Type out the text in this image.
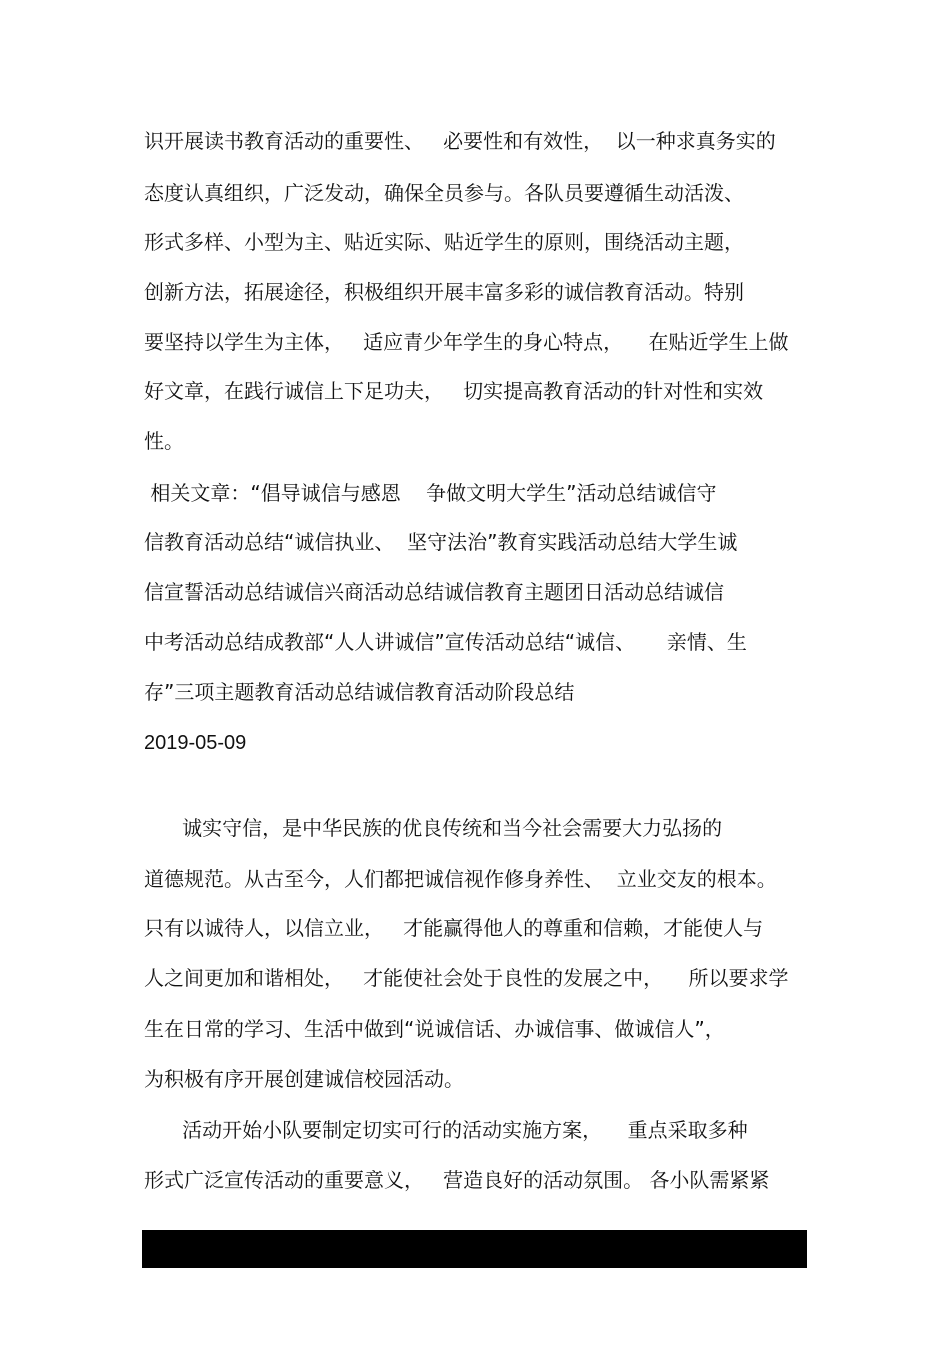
识开展读书教育活动的重要性、   必要性和有效性，  以一种求真务实的
态度认真组织，广泛发动，确保全员参与。各队员要遵循生动活泼、
形式多样、小型为主、贴近实际、贴近学生的原则，围绕活动主题，
创新方法，拓展途径，积极组织开展丰富多彩的诚信教育活动。特别
要坚持以学生为主体，   适应青少年学生的身心特点，    在贴近学生上做
好文章，在践行诚信上下足功夫，   切实提高教育活动的针对性和实效
性。
相关文章：“倡导诚信与感恩    争做文明大学生”活动总结诚信守
信教育活动总结“诚信执业、  坚守法治”教育实践活动总结大学生诚
信宣誓活动总结诚信兴商活动总结诚信教育主题团日活动总结诚信
中考活动总结成教部“人人讲诚信”宣传活动总结“诚信、     亲情、生
存”三项主题教育活动总结诚信教育活动阶段总结
2019-05-09
诚实守信，是中华民族的优良传统和当今社会需要大力弘扬的
道德规范。从古至今，人们都把诚信视作修身养性、  立业交友的根本。
只有以诚待人，以信立业，   才能赢得他人的尊重和信赖，才能使人与
人之间更加和谐相处，   才能使社会处于良性的发展之中，    所以要求学
生在日常的学习、生活中做到“说诚信话、办诚信事、做诚信人”，
为积极有序开展创建诚信校园活动。
活动开始小队要制定切实可行的活动实施方案，    重点采取多种
形式广泛宣传活动的重要意义，   营造良好的活动氛围。 各小队需紧紧
